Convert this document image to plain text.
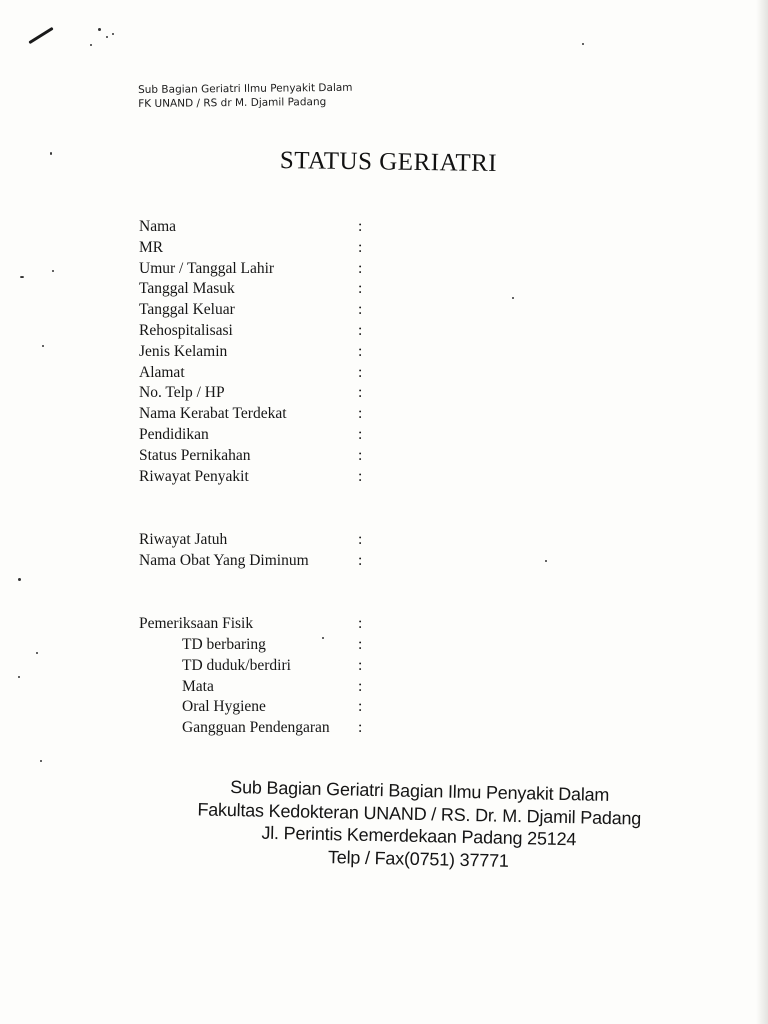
Sub Bagian Geriatri Ilmu Penyakit Dalam
FK UNAND / RS dr M. Djamil Padang
STATUS GERIATRI
Nama	:
MR	:
Umur / Tanggal Lahir	:
Tanggal Masuk	:
Tanggal Keluar	:
Rehospitalisasi	:
Jenis Kelamin	:
Alamat	:
No. Telp / HP	:
Nama Kerabat Terdekat	:
Pendidikan	:
Status Pernikahan	:
Riwayat Penyakit	:
Riwayat Jatuh	:
Nama Obat Yang Diminum	:
Pemeriksaan Fisik	:
TD berbaring	:
TD duduk/berdiri	:
Mata	:
Oral Hygiene	:
Gangguan Pendengaran :
Sub Bagian Geriatri Bagian Ilmu Penyakit Dalam
Fakultas Kedokteran UNAND / RS. Dr. M. Djamil Padang
Jl. Perintis Kemerdekaan Padang 25124
Telp / Fax(0751) 37771
